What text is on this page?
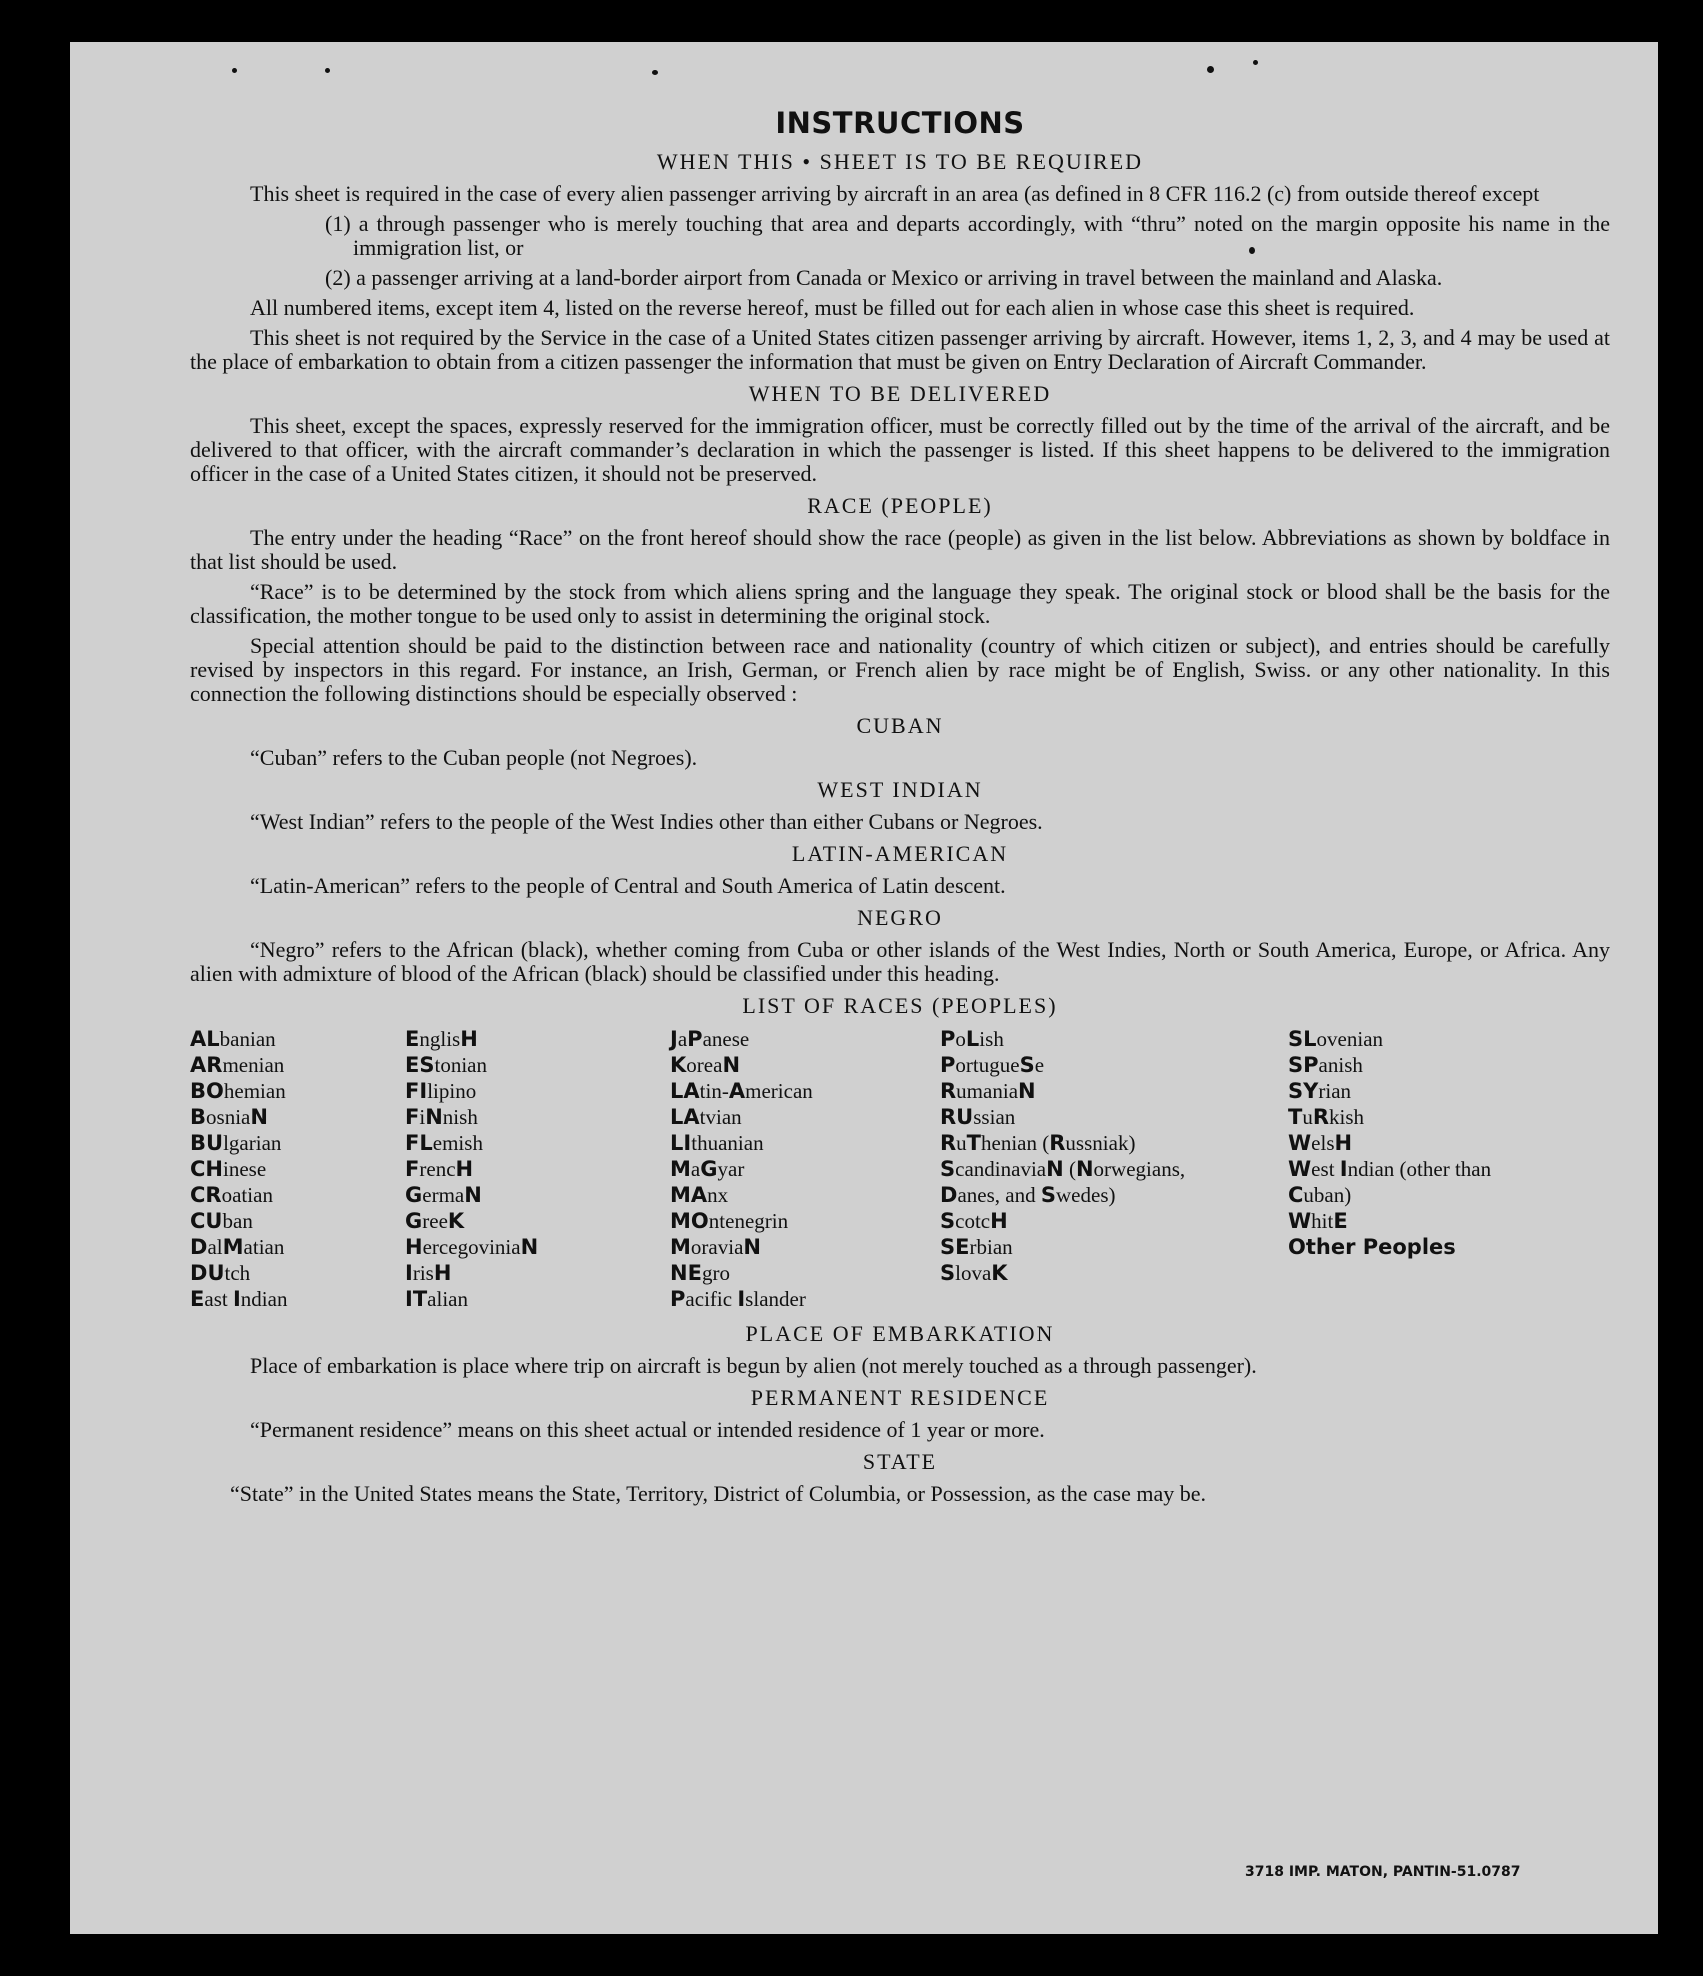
INSTRUCTIONS
WHEN THIS • SHEET IS TO BE REQUIRED

This sheet is required in the case of every alien passenger arriving by aircraft in an area (as defined in 8 CFR 116.2 (c) from outside thereof except

(1) a through passenger who is merely touching that area and departs accordingly, with “thru” noted on the margin opposite his name in the immigration list, or
(2) a passenger arriving at a land-border airport from Canada or Mexico or arriving in travel between the mainland and Alaska.

All numbered items, except item 4, listed on the reverse hereof, must be filled out for each alien in whose case this sheet is required.

This sheet is not required by the Service in the case of a United States citizen passenger arriving by aircraft. However, items 1, 2, 3, and 4 may be used at the place of embarkation to obtain from a citizen passenger the information that must be given on Entry Declaration of Aircraft Commander.

WHEN TO BE DELIVERED

This sheet, except the spaces, expressly reserved for the immigration officer, must be correctly filled out by the time of the arrival of the aircraft, and be delivered to that officer, with the aircraft commander’s declaration in which the passenger is listed. If this sheet happens to be delivered to the immigration officer in the case of a United States citizen, it should not be preserved.

RACE (PEOPLE)

The entry under the heading “Race” on the front hereof should show the race (people) as given in the list below. Abbreviations as shown by boldface in that list should be used.

“Race” is to be determined by the stock from which aliens spring and the language they speak. The original stock or blood shall be the basis for the classification, the mother tongue to be used only to assist in determining the original stock.

Special attention should be paid to the distinction between race and nationality (country of which citizen or subject), and entries should be carefully revised by inspectors in this regard. For instance, an Irish, German, or French alien by race might be of English, Swiss. or any other nationality. In this connection the following distinctions should be especially observed :

CUBAN

“Cuban” refers to the Cuban people (not Negroes).

WEST INDIAN

“West Indian” refers to the people of the West Indies other than either Cubans or Negroes.

LATIN-AMERICAN

“Latin-American” refers to the people of Central and South America of Latin descent.

NEGRO

“Negro” refers to the African (black), whether coming from Cuba or other islands of the West Indies, North or South America, Europe, or Africa. Any alien with admixture of blood of the African (black) should be classified under this heading.

LIST OF RACES (PEOPLES)
ALbanian
ARmenian
BOhemian
BosniaN
BUlgarian
CHinese
CRoatian
CUban
DalMatian
DUtch
East Indian
EnglisH
EStonian
FIlipino
FiNnish
FLemish
FrencH
GermaN
GreeK
HercegoviniaN
IrisH
ITalian
JaPanese
KoreaN
LAtin-American
LAtvian
LIthuanian
MaGyar
MAnx
MOntenegrin
MoraviaN
NEgro
Pacific Islander
PoLish
PortugueSe
RumaniaN
RUssian
RuThenian (Russniak)
ScandinaviaN (Norwegians, Danes, and Swedes)
ScotcH
SErbian
SlovaK
SLovenian
SPanish
SYrian
TuRkish
WelsH
West Indian (other than Cuban)
WhitE
Other Peoples
PLACE OF EMBARKATION

Place of embarkation is place where trip on aircraft is begun by alien (not merely touched as a through passenger).

PERMANENT RESIDENCE

“Permanent residence” means on this sheet actual or intended residence of 1 year or more.

STATE

“State” in the United States means the State, Territory, District of Columbia, or Possession, as the case may be.

3718 IMP. MATON, PANTIN-51.0787
